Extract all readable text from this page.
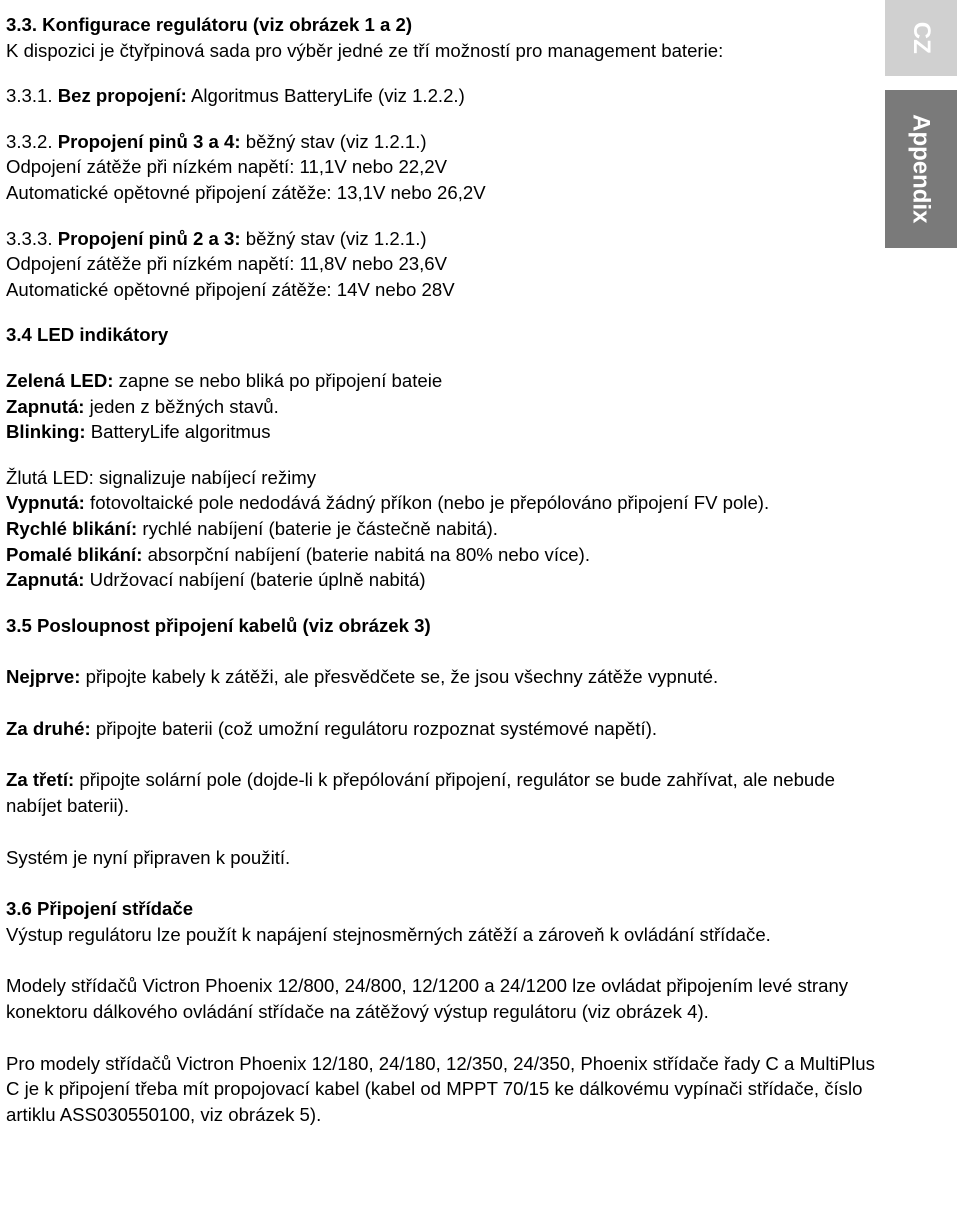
CZ
Appendix

3.3. Konfigurace regulátoru (viz obrázek 1 a 2)

K dispozici je čtyřpinová sada pro výběr jedné ze tří možností pro management baterie:

3.3.1. Bez propojení: Algoritmus BatteryLife (viz 1.2.2.)

3.3.2. Propojení pinů 3 a 4: běžný stav (viz 1.2.1.)

Odpojení zátěže při nízkém napětí: 11,1V nebo 22,2V

Automatické opětovné připojení zátěže: 13,1V nebo 26,2V

3.3.3. Propojení pinů 2 a 3: běžný stav (viz 1.2.1.)

Odpojení zátěže při nízkém napětí: 11,8V nebo 23,6V

Automatické opětovné připojení zátěže: 14V nebo 28V

3.4 LED indikátory

Zelená LED: zapne se nebo bliká po připojení bateie

Zapnutá: jeden z běžných stavů.

Blinking: BatteryLife algoritmus

Žlutá LED: signalizuje nabíjecí režimy

Vypnutá: fotovoltaické pole nedodává žádný příkon (nebo je přepólováno připojení FV pole).

Rychlé blikání: rychlé nabíjení (baterie je částečně nabitá).

Pomalé blikání: absorpční nabíjení (baterie nabitá na 80% nebo více).

Zapnutá: Udržovací nabíjení (baterie úplně nabitá)

3.5 Posloupnost připojení kabelů (viz obrázek 3)

Nejprve: připojte kabely k zátěži, ale přesvědčete se, že jsou všechny zátěže vypnuté.

Za druhé: připojte baterii (což umožní regulátoru rozpoznat systémové napětí).

Za třetí: připojte solární pole (dojde-li k přepólování připojení, regulátor se bude zahřívat, ale nebude nabíjet baterii).

Systém je nyní připraven k použití.

3.6 Připojení střídače

Výstup regulátoru lze použít k napájení stejnosměrných zátěží a zároveň k ovládání střídače.

Modely střídačů Victron Phoenix 12/800, 24/800, 12/1200 a 24/1200 lze ovládat připojením levé strany konektoru dálkového ovládání střídače na zátěžový výstup regulátoru (viz obrázek 4).

Pro modely střídačů Victron Phoenix 12/180, 24/180, 12/350, 24/350, Phoenix střídače řady C a MultiPlus C je k připojení třeba mít propojovací kabel (kabel od MPPT 70/15 ke dálkovému vypínači střídače, číslo artiklu ASS030550100, viz obrázek 5).
